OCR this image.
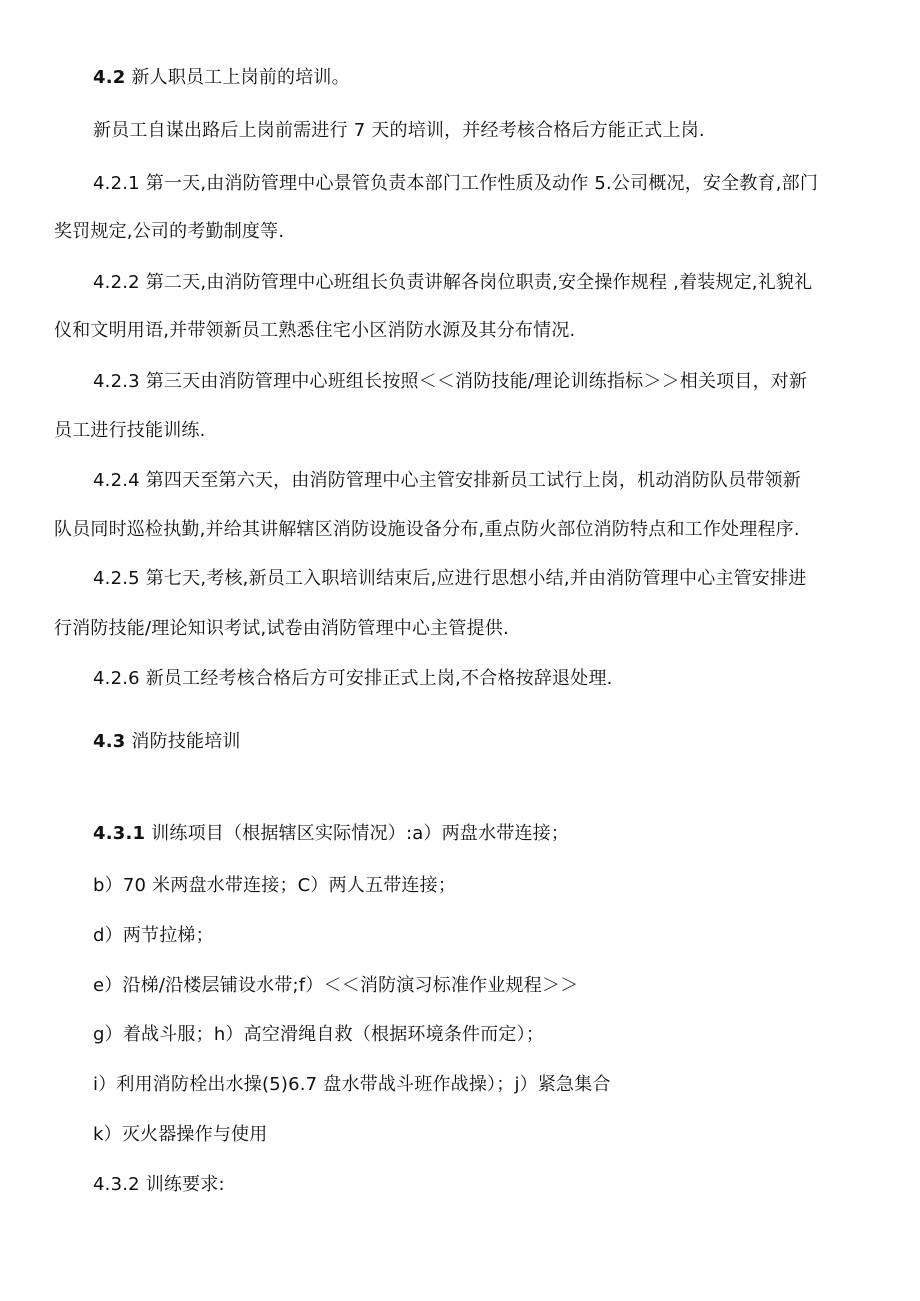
4.2 新人职员工上岗前的培训。
新员工自谋出路后上岗前需进行 7 天的培训，并经考核合格后方能正式上岗.
4.2.1 第一天,由消防管理中心景管负责本部门工作性质及动作 5.公司概况，安全教育,部门
奖罚规定,公司的考勤制度等.
4.2.2 第二天,由消防管理中心班组长负责讲解各岗位职责,安全操作规程 ,着装规定,礼貌礼
仪和文明用语,并带领新员工熟悉住宅小区消防水源及其分布情况.
4.2.3 第三天由消防管理中心班组长按照＜＜消防技能/理论训练指标＞＞相关项目，对新
员工进行技能训练.
4.2.4 第四天至第六天，由消防管理中心主管安排新员工试行上岗，机动消防队员带领新
队员同时巡检执勤,并给其讲解辖区消防设施设备分布,重点防火部位消防特点和工作处理程序.
4.2.5 第七天,考核,新员工入职培训结束后,应进行思想小结,并由消防管理中心主管安排进
行消防技能/理论知识考试,试卷由消防管理中心主管提供.
4.2.6 新员工经考核合格后方可安排正式上岗,不合格按辞退处理.
4.3 消防技能培训
4.3.1 训练项目（根据辖区实际情况）:a）两盘水带连接；
b）70 米两盘水带连接；C）两人五带连接；
d）两节拉梯；
e）沿梯/沿楼层铺设水带;f）＜＜消防演习标准作业规程＞＞
g）着战斗服；h）高空滑绳自救（根据环境条件而定）；
i）利用消防栓出水操(5)6.7 盘水带战斗班作战操）；j）紧急集合
k）灭火器操作与使用
4.3.2 训练要求:
